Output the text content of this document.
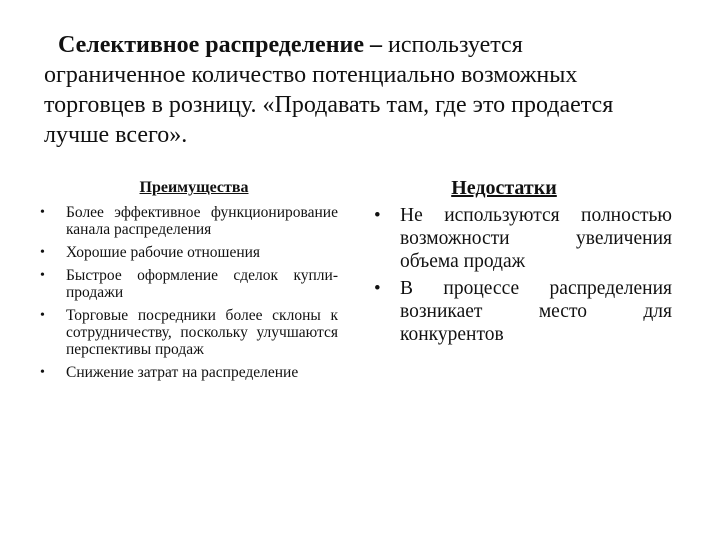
Селективное распределение – используется
ограниченное количество потенциально возможных торговцев в розницу. «Продавать там, где это продается лучше всего».
Преимущества
• Более эффективное функционирование канала распределения
• Хорошие рабочие отношения
• Быстрое оформление сделок купли-продажи
• Торговые посредники более склоны к сотрудничеству, поскольку улучшаются перспективы продаж
• Снижение затрат на распределение
Недостатки
• Не используются полностью возможности увеличения объема продаж
• В процессе распределения возникает место для конкурентов
